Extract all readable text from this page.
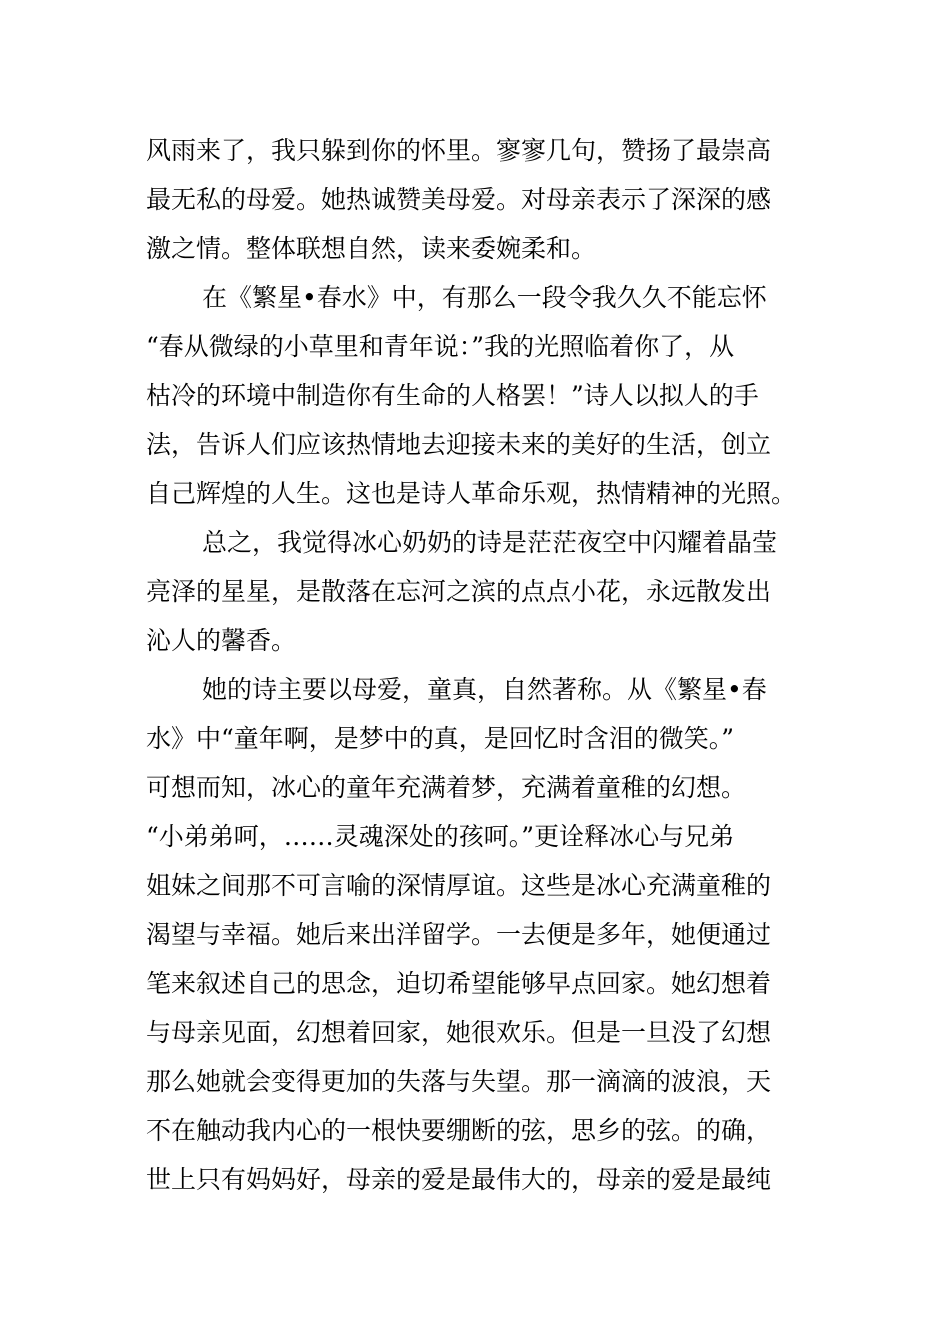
风雨来了，我只躲到你的怀里。寥寥几句，赞扬了最崇高
最无私的母爱。她热诚赞美母爱。对母亲表示了深深的感
激之情。整体联想自然，读来委婉柔和。
在《繁星•春水》中，有那么一段令我久久不能忘怀
“春从微绿的小草里和青年说：”我的光照临着你了，从
枯冷的环境中制造你有生命的人格罢！”诗人以拟人的手
法，告诉人们应该热情地去迎接未来的美好的生活，创立
自己辉煌的人生。这也是诗人革命乐观，热情精神的光照。
总之，我觉得冰心奶奶的诗是茫茫夜空中闪耀着晶莹
亮泽的星星，是散落在忘河之滨的点点小花，永远散发出
沁人的馨香。
她的诗主要以母爱，童真，自然著称。从《繁星•春
水》中“童年啊，是梦中的真，是回忆时含泪的微笑。”
可想而知，冰心的童年充满着梦，充满着童稚的幻想。
“小弟弟呵，……灵魂深处的孩呵。”更诠释冰心与兄弟
姐妹之间那不可言喻的深情厚谊。这些是冰心充满童稚的
渴望与幸福。她后来出洋留学。一去便是多年，她便通过
笔来叙述自己的思念，迫切希望能够早点回家。她幻想着
与母亲见面，幻想着回家，她很欢乐。但是一旦没了幻想
那么她就会变得更加的失落与失望。那一滴滴的波浪，天
不在触动我内心的一根快要绷断的弦，思乡的弦。的确，
世上只有妈妈好，母亲的爱是最伟大的，母亲的爱是最纯
